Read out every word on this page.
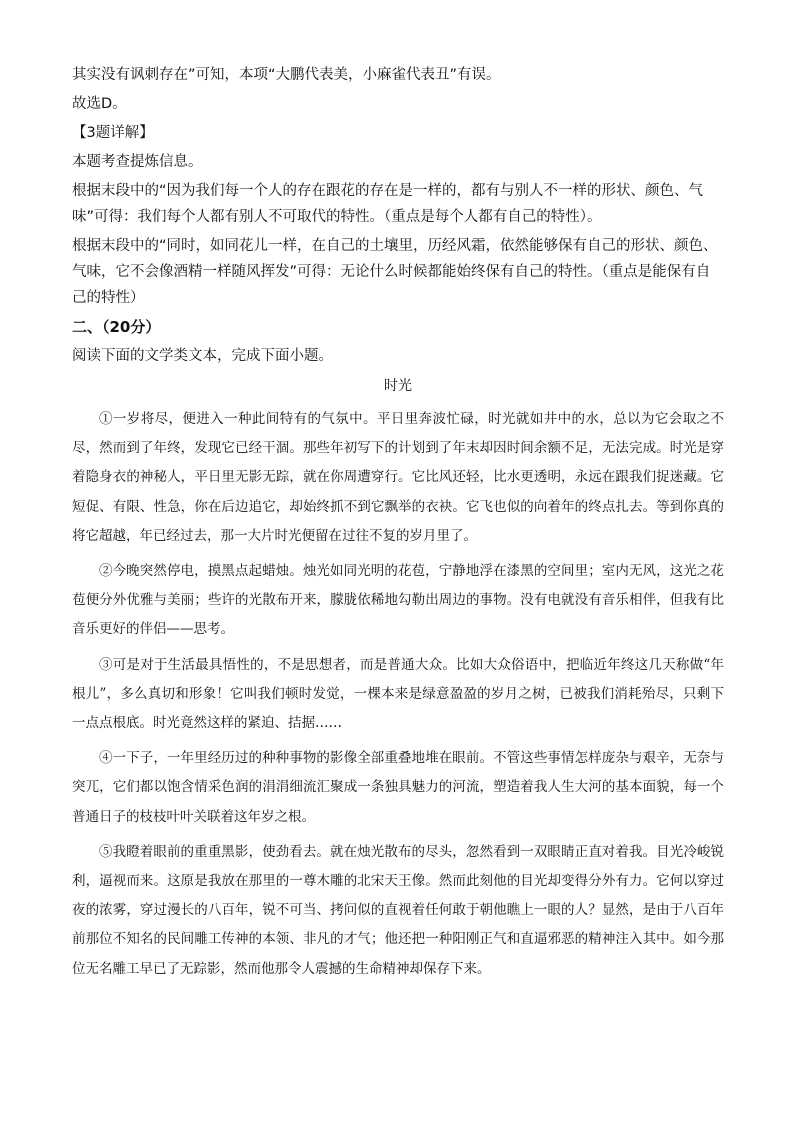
其实没有讽刺存在”可知，本项“大鹏代表美，小麻雀代表丑”有误。

故选D。

【3题详解】

本题考查提炼信息。

根据末段中的“因为我们每一个人的存在跟花的存在是一样的，都有与别人不一样的形状、颜色、气味”可得：我们每个人都有别人不可取代的特性。（重点是每个人都有自己的特性）。

根据末段中的“同时，如同花儿一样，在自己的土壤里，历经风霜，依然能够保有自己的形状、颜色、气味，它不会像酒精一样随风挥发”可得：无论什么时候都能始终保有自己的特性。（重点是能保有自己的特性）

二、（20分）

阅读下面的文学类文本，完成下面小题。

时光

①一岁将尽，便进入一种此间特有的气氛中。平日里奔波忙碌，时光就如井中的水，总以为它会取之不尽，然而到了年终，发现它已经干涸。那些年初写下的计划到了年末却因时间余额不足，无法完成。时光是穿着隐身衣的神秘人，平日里无影无踪，就在你周遭穿行。它比风还轻，比水更透明，永远在跟我们捉迷藏。它短促、有限、性急，你在后边追它，却始终抓不到它飘举的衣袂。它飞也似的向着年的终点扎去。等到你真的将它超越，年已经过去，那一大片时光便留在过往不复的岁月里了。

②今晚突然停电，摸黑点起蜡烛。烛光如同光明的花苞，宁静地浮在漆黑的空间里；室内无风，这光之花苞便分外优雅与美丽；些许的光散布开来，朦胧依稀地勾勒出周边的事物。没有电就没有音乐相伴，但我有比音乐更好的伴侣——思考。

③可是对于生活最具悟性的，不是思想者，而是普通大众。比如大众俗语中，把临近年终这几天称做“年根儿”，多么真切和形象！它叫我们顿时发觉，一棵本来是绿意盈盈的岁月之树，已被我们消耗殆尽，只剩下一点点根底。时光竟然这样的紧迫、拮据……

④一下子，一年里经历过的种种事物的影像全部重叠地堆在眼前。不管这些事情怎样庞杂与艰辛，无奈与突兀，它们都以饱含情采色润的涓涓细流汇聚成一条独具魅力的河流，塑造着我人生大河的基本面貌，每一个普通日子的枝枝叶叶关联着这年岁之根。

⑤我瞪着眼前的重重黑影，使劲看去。就在烛光散布的尽头，忽然看到一双眼睛正直对着我。目光冷峻锐利，逼视而来。这原是我放在那里的一尊木雕的北宋天王像。然而此刻他的目光却变得分外有力。它何以穿过夜的浓雾，穿过漫长的八百年，锐不可当、拷问似的直视着任何敢于朝他瞧上一眼的人？显然，是由于八百年前那位不知名的民间雕工传神的本领、非凡的才气；他还把一种阳刚正气和直逼邪恶的精神注入其中。如今那位无名雕工早已了无踪影，然而他那令人震撼的生命精神却保存下来。
